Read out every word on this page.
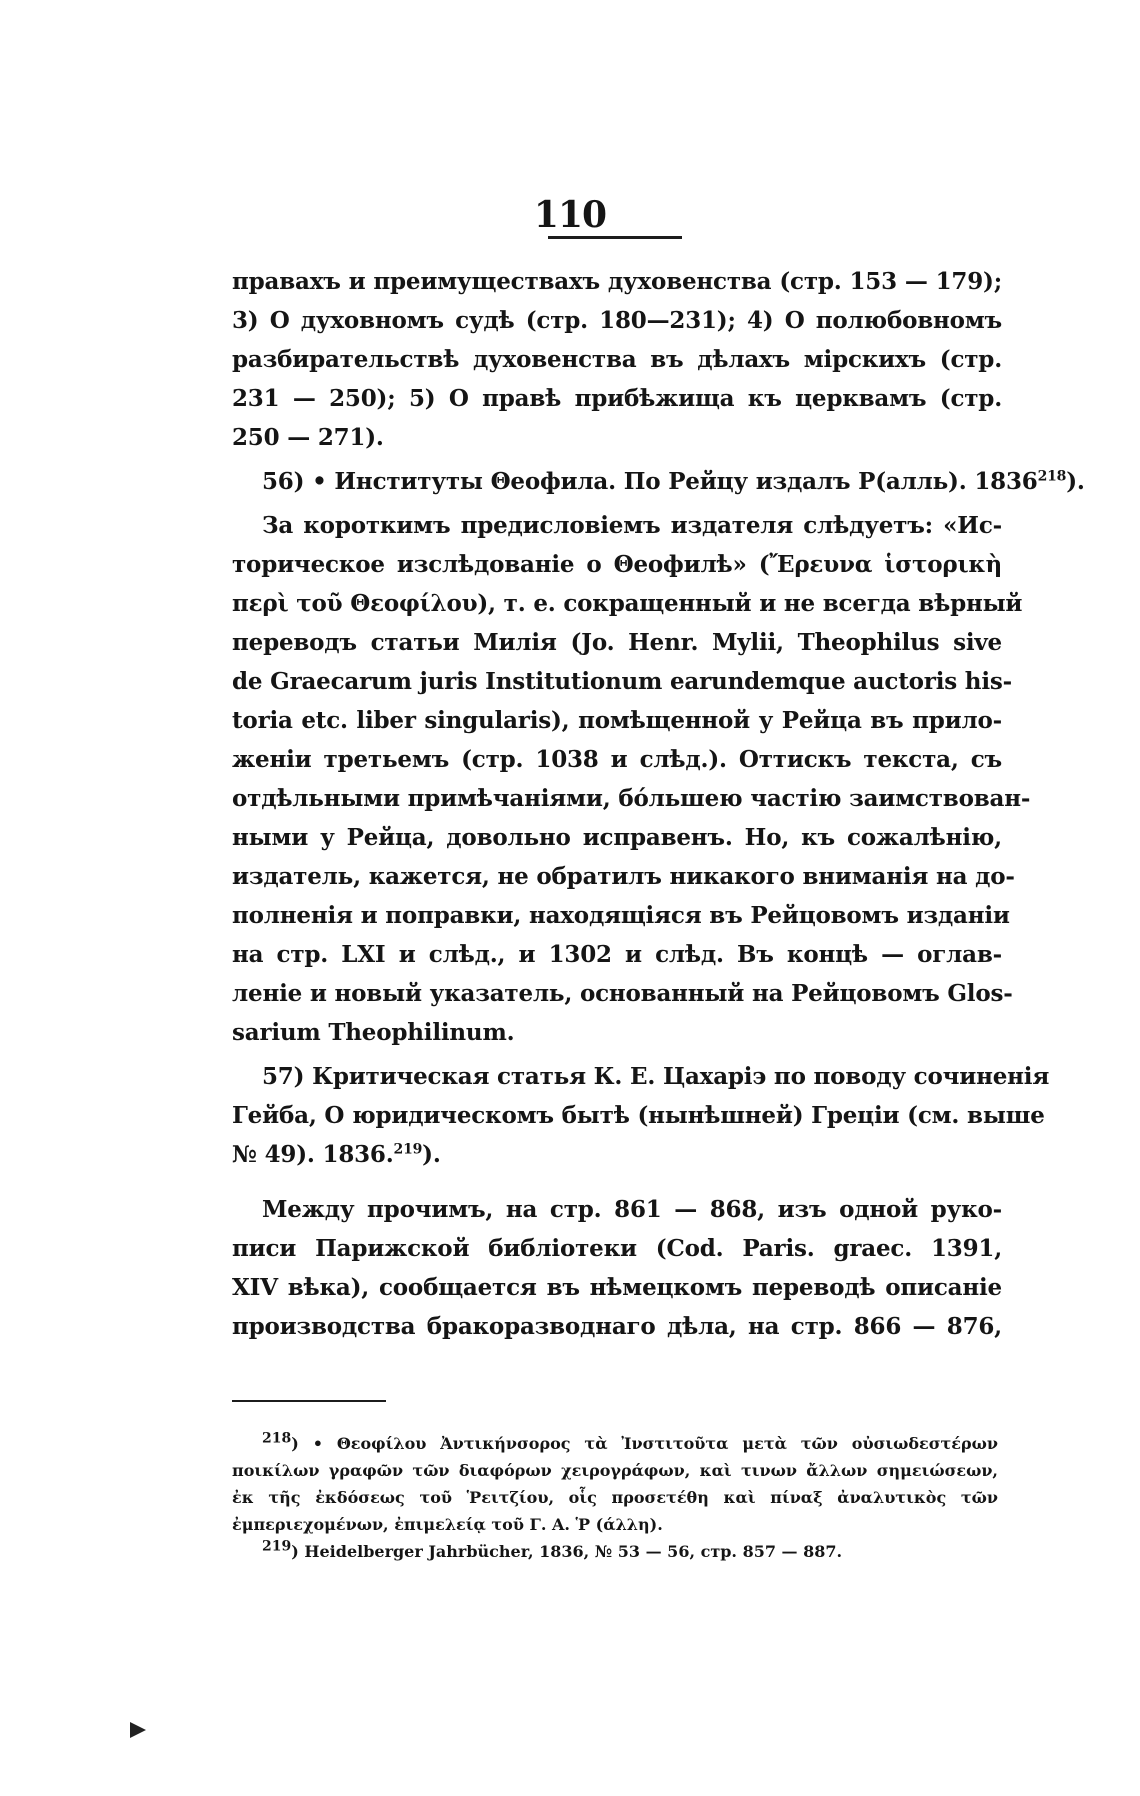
110
правахъ и преимуществахъ духовенства (стр. 153 — 179);
3) О духовномъ судѣ (стр. 180—231); 4) О полюбовномъ
разбирательствѣ духовенства въ дѣлахъ мірскихъ (стр.
231 — 250); 5) О правѣ прибѣжища къ церквамъ (стр.
250 — 271).
56) • Институты Θеофила. По Рейцу издалъ Р(алль). 1836$^{218}$).
За короткимъ предисловіемъ издателя слѣдуетъ: «Ис-
торическое изслѣдованіе о Θеофилѣ» (Ἔρευνα ἱστορικὴ
περὶ τοῦ Θεοφίλου), т. е. сокращенный и не всегда вѣрный
переводъ статьи Милія (Jo. Henr. Mylii, Theophilus sive
de Graecarum juris Institutionum earundemque auctoris his-
toria etc. liber singularis), помѣщенной у Рейца въ прило-
женіи третьемъ (стр. 1038 и слѣд.). Оттискъ текста, съ
отдѣльными примѣчаніями, бóльшею частію заимствован-
ными у Рейца, довольно исправенъ. Но, къ сожалѣнію,
издатель, кажется, не обратилъ никакого вниманія на до-
полненія и поправки, находящіяся въ Рейцовомъ изданіи
на стр. LXI и слѣд., и 1302 и слѣд. Въ концѣ — оглав-
леніе и новый указатель, основанный на Рейцовомъ Glos-
sarium Theophilinum.
57) Критическая статья К. Е. Цахаріэ по поводу сочиненія
Гейба, О юридическомъ бытѣ (нынѣшней) Греціи (см. выше
№ 49). 1836.$^{219}$).
Между прочимъ, на стр. 861 — 868, изъ одной руко-
писи Парижской библіотеки (Cod. Paris. graec. 1391,
XIV вѣка), сообщается въ нѣмецкомъ переводѣ описаніе
производства бракоразводнаго дѣла, на стр. 866 — 876,
$^{218}$) • Θεοφίλου Ἀντικήνσορος τὰ Ἰνστιτοῦτα μετὰ τῶν οὐσιωδεστέρων
ποικίλων γραφῶν τῶν διαφόρων χειρογράφων, καὶ τινων ἄλλων σημειώσεων,
ἐκ τῆς ἐκδόσεως τοῦ Ῥειτζίου, οἷς προσετέθη καὶ πίναξ ἀναλυτικὸς τῶν
ἐμπεριεχομένων, ἐπιμελείᾳ τοῦ Γ. Α. Ῥ (άλλη).
$^{219}$) Heidelberger Jahrbücher, 1836, № 53 — 56, стр. 857 — 887.
